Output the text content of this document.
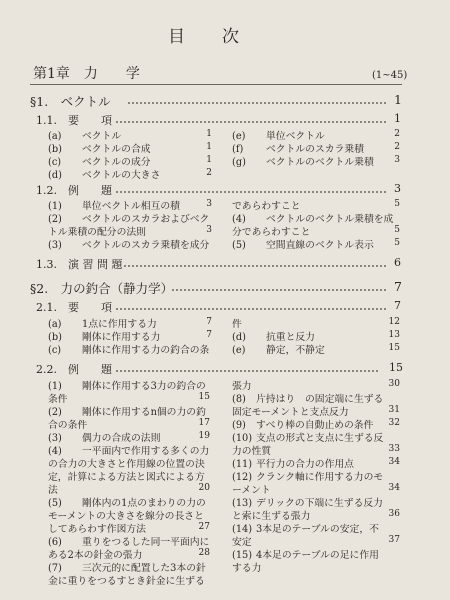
目　　次
第1章　力　　学	(1~45)
§1.　ベクトル	1
1.1.　要　　項	1
(a) ベクトル	1
(b) ベクトルの合成	1
(c) ベクトルの成分	1
(d) ベクトルの大きさ	2
(e) 単位ベクトル	2
(f) ベクトルのスカラ乗積	2
(g) ベクトルのベクトル乗積	3
1.2.　例　　題	3
(1) 単位ベクトル相互の積	3
(2) ベクトルのスカラおよびベク
トル乗積の配分の法則	3
(3) ベクトルのスカラ乗積を成分
であらわすこと	5
(4) ベクトルのベクトル乗積を成
分であらわすこと	5
(5) 空間直線のベクトル表示	5
1.3.　演 習 問 題	6
§2.　力の釣合（静力学）	7
2.1.　要　　項	7
(a) 1点に作用する力	7
(b) 剛体に作用する力	7
(c) 剛体に作用する力の釣合の条
件	12
(d) 抗重と反力	13
(e) 静定，不静定	15
2.2.　例　　題	15
(1) 剛体に作用する3力の釣合の
条件	15
(2) 剛体に作用するn個の力の釣
合の条件	17
(3) 偶力の合成の法則	19
(4) 一平面内で作用する多くの力
の合力の大きさと作用線の位置の決
定，計算による方法と図式による方
法	20
(5) 剛体内の1点のまわりの力の
モーメントの大きさを線分の長さと
してあらわす作図方法	27
(6) 重りをつるした同一平面内に
ある2本の針金の張力	28
(7) 三次元的に配置した3本の針
金に重りをつるすとき針金に生ずる
張力	30
(8) 片持はり　の固定端に生ずる
固定モーメントと支点反力	31
(9) すべり棒の自動止めの条件 32
(10) 支点の形式と支点に生ずる反
力の性質	33
(11) 平行力の合力の作用点	34
(12) クランク軸に作用する力のモ
ーメント	34
(13) デリックの下端に生ずる反力
と索に生ずる張力	36
(14) 3本足のテーブルの安定，不
安定	37
(15) 4本足のテーブルの足に作用
する力
